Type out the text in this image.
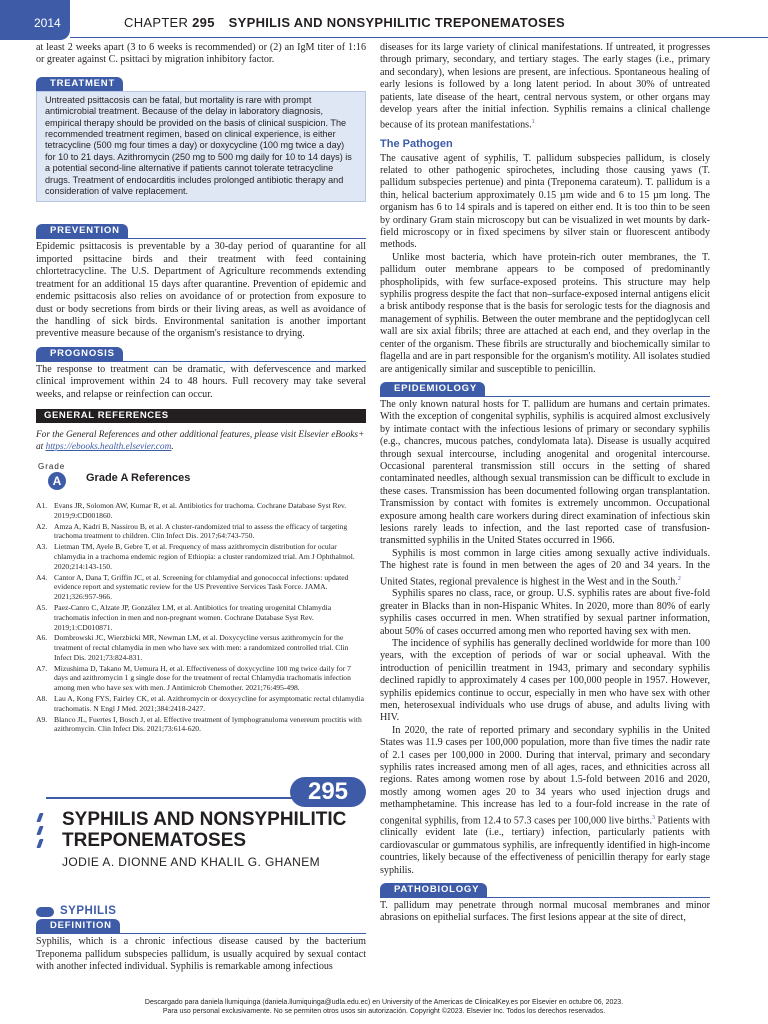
2014	CHAPTER 295 SYPHILIS AND NONSYPHILITIC TREPONEMATOSES

at least 2 weeks apart (3 to 6 weeks is recommended) or (2) an IgM titer of 1:16 or greater against C. psittaci by migration inhibitory factor.

TREATMENT
Untreated psittacosis can be fatal, but mortality is rare with prompt antimicrobial treatment. Because of the delay in laboratory diagnosis, empirical therapy should be provided on the basis of clinical suspicion. The recommended treatment regimen, based on clinical experience, is either tetracycline (500 mg four times a day) or doxycycline (100 mg twice a day) for 10 to 21 days. Azithromycin (250 mg to 500 mg daily for 10 to 14 days) is a potential second-line alternative if patients cannot tolerate tetracycline drugs. Treatment of endocarditis includes prolonged antibiotic therapy and consideration of valve replacement.
PREVENTION

Epidemic psittacosis is preventable by a 30-day period of quarantine for all imported psittacine birds and their treatment with feed containing chlortetracycline. The U.S. Department of Agriculture recommends extending treatment for an additional 15 days after quarantine. Prevention of epidemic and endemic psittacosis also relies on avoidance of or protection from exposure to dust or body secretions from birds or their living areas, as well as avoidance of the handling of sick birds. Environmental sanitation is another important preventive measure because of the organism's resistance to drying.

PROGNOSIS

The response to treatment can be dramatic, with defervescence and marked clinical improvement within 24 to 48 hours. Full recovery may take several weeks, and relapse or reinfection can occur.

GENERAL REFERENCES

For the General References and other additional features, please visit Elsevier eBooks+ at https://ebooks.health.elsevier.com.

Grade
A	Grade A References
A1. Evans JR, Solomon AW, Kumar R, et al. Antibiotics for trachoma. Cochrane Database Syst Rev. 2019;9:CD001860.
A2. Amza A, Kadri B, Nassirou B, et al. A cluster-randomized trial to assess the efficacy of targeting trachoma treatment to children. Clin Infect Dis. 2017;64:743-750.
A3. Lietman TM, Ayele B, Gebre T, et al. Frequency of mass azithromycin distribution for ocular chlamydia in a trachoma endemic region of Ethiopia: a cluster randomized trial. Am J Ophthalmol. 2020;214:143-150.
A4. Cantor A, Dana T, Griffin JC, et al. Screening for chlamydial and gonococcal infections: updated evidence report and systematic review for the US Preventive Services Task Force. JAMA. 2021;326:957-966.
A5. Paez-Canro C, Alzate JP, González LM, et al. Antibiotics for treating urogenital Chlamydia trachomatis infection in men and non-pregnant women. Cochrane Database Syst Rev. 2019;1:CD010871.
A6. Dombrowski JC, Wierzbicki MR, Newman LM, et al. Doxycycline versus azithromycin for the treatment of rectal chlamydia in men who have sex with men: a randomized controlled trial. Clin Infect Dis. 2021;73:824-831.
A7. Mizushima D, Takano M, Uemura H, et al. Effectiveness of doxycycline 100 mg twice daily for 7 days and azithromycin 1 g single dose for the treatment of rectal Chlamydia trachomatis infection among men who have sex with men. J Antimicrob Chemother. 2021;76:495-498.
A8. Lau A, Kong FYS, Fairley CK, et al. Azithromycin or doxycycline for asymptomatic rectal chlamydia trachomatis. N Engl J Med. 2021;384:2418-2427.
A9. Blanco JL, Fuertes I, Bosch J, et al. Effective treatment of lymphogranuloma venereum proctitis with azithromycin. Clin Infect Dis. 2021;73:614-620.
295
SYPHILIS AND NONSYPHILITIC
TREPONEMATOSES
JODIE A. DIONNE AND KHALIL G. GHANEM
SYPHILIS
DEFINITION

Syphilis, which is a chronic infectious disease caused by the bacterium Treponema pallidum subspecies pallidum, is usually acquired by sexual contact with another infected individual. Syphilis is remarkable among infectious

diseases for its large variety of clinical manifestations. If untreated, it progresses through primary, secondary, and tertiary stages. The early stages (i.e., primary and secondary), when lesions are present, are infectious. Spontaneous healing of early lesions is followed by a long latent period. In about 30% of untreated patients, late disease of the heart, central nervous system, or other organs may develop years after the initial infection. Syphilis remains a clinical challenge because of its protean manifestations.$^1$

The Pathogen

The causative agent of syphilis, T. pallidum subspecies pallidum, is closely related to other pathogenic spirochetes, including those causing yaws (T. pallidum subspecies pertenue) and pinta (Treponema carateum). T. pallidum is a thin, helical bacterium approximately 0.15 µm wide and 6 to 15 µm long. The organism has 6 to 14 spirals and is tapered on either end. It is too thin to be seen by ordinary Gram stain microscopy but can be visualized in wet mounts by dark-field microscopy or in fixed specimens by silver stain or fluorescent antibody methods.

Unlike most bacteria, which have protein-rich outer membranes, the T. pallidum outer membrane appears to be composed of predominantly phospholipids, with few surface-exposed proteins. This structure may help syphilis progress despite the fact that non–surface-exposed internal antigens elicit a brisk antibody response that is the basis for serologic tests for the diagnosis and management of syphilis. Between the outer membrane and the peptidoglycan cell wall are six axial fibrils; three are attached at each end, and they overlap in the center of the organism. These fibrils are structurally and biochemically similar to flagella and are in part responsible for the organism's motility. All isolates studied are antigenically similar and susceptible to penicillin.

EPIDEMIOLOGY

The only known natural hosts for T. pallidum are humans and certain primates. With the exception of congenital syphilis, syphilis is acquired almost exclusively by intimate contact with the infectious lesions of primary or secondary syphilis (e.g., chancres, mucous patches, condylomata lata). Disease is usually acquired through sexual intercourse, including anogenital and orogenital intercourse. Occasional parenteral transmission still occurs in the setting of shared contaminated needles, although sexual transmission can be difficult to exclude in these cases. Transmission has been documented following organ transplantation. Transmission by contact with fomites is extremely uncommon. Occupational exposure among health care workers during direct examination of infectious skin lesions rarely leads to infection, and the last reported case of transfusion-transmitted syphilis in the United States occurred in 1966.

Syphilis is most common in large cities among sexually active individuals. The highest rate is found in men between the ages of 20 and 34 years. In the United States, regional prevalence is highest in the West and in the South.$^2$

Syphilis spares no class, race, or group. U.S. syphilis rates are about five-fold greater in Blacks than in non-Hispanic Whites. In 2020, more than 80% of early syphilis cases occurred in men. When stratified by sexual partner information, about 50% of cases occurred among men who reported having sex with men.

The incidence of syphilis has generally declined worldwide for more than 100 years, with the exception of periods of war or social upheaval. With the introduction of penicillin treatment in 1943, primary and secondary syphilis declined rapidly to approximately 4 cases per 100,000 people in 1957. However, syphilis epidemics continue to occur, especially in men who have sex with other men, heterosexual individuals who use drugs of abuse, and adults living with HIV.

In 2020, the rate of reported primary and secondary syphilis in the United States was 11.9 cases per 100,000 population, more than five times the nadir rate of 2.1 cases per 100,000 in 2000. During that interval, primary and secondary syphilis rates increased among men of all ages, races, and ethnicities across all regions. Rates among women rose by about 1.5-fold between 2016 and 2020, mostly among women ages 20 to 34 years who used injection drugs and methamphetamine. This increase has led to a four-fold increase in the rate of congenital syphilis, from 12.4 to 57.3 cases per 100,000 live births.$^3$ Patients with clinically evident late (i.e., tertiary) infection, particularly patients with cardiovascular or gummatous syphilis, are infrequently identified in high-income countries, likely because of the effectiveness of penicillin therapy for early stage syphilis.

PATHOBIOLOGY

T. pallidum may penetrate through normal mucosal membranes and minor abrasions on epithelial surfaces. The first lesions appear at the site of direct,

Descargado para daniela llumiquinga (daniela.llumiquinga@udla.edu.ec) en University of the Americas de ClinicalKey.es por Elsevier en octubre 06, 2023.
Para uso personal exclusivamente. No se permiten otros usos sin autorización. Copyright ©2023. Elsevier Inc. Todos los derechos reservados.
